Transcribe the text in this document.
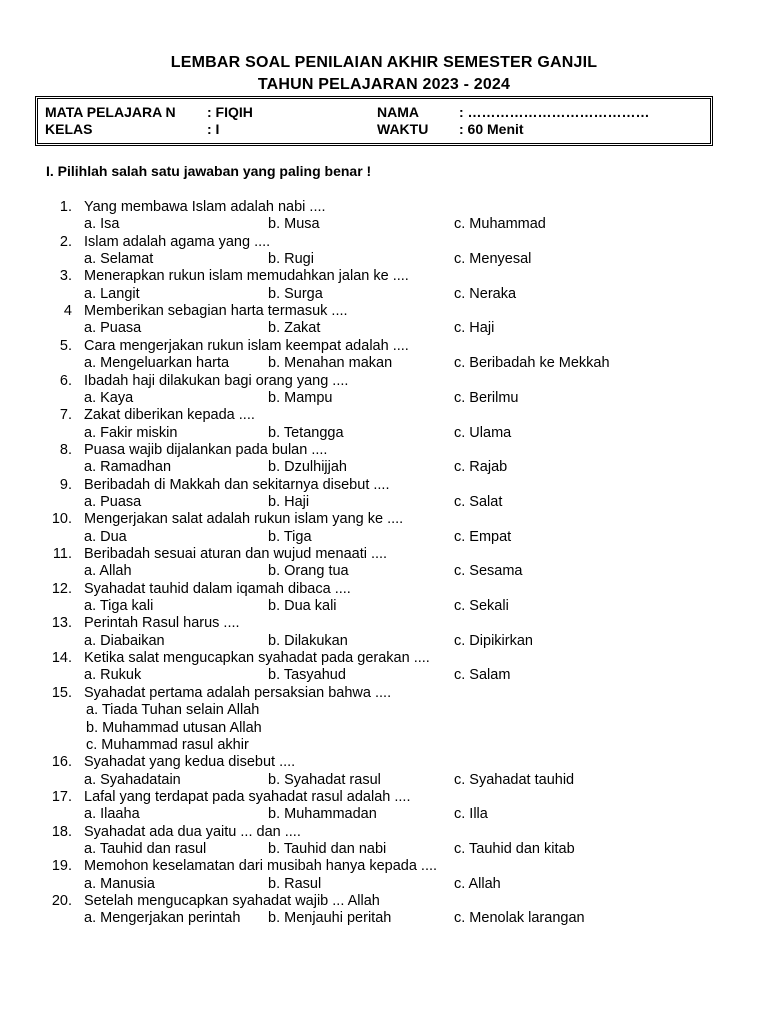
LEMBAR SOAL PENILAIAN AKHIR SEMESTER GANJIL
TAHUN PELAJARAN 2023 - 2024
MATA PELAJARA N : FIQIH	NAMA	: …………………………………
KELAS	: I	WAKTU : 60 Menit
I. Pilihlah salah satu jawaban yang paling benar !
1. Yang membawa Islam adalah nabi ....
a. Isa	b. Musa	c. Muhammad
2. Islam adalah agama yang ....
a. Selamat	b. Rugi	c. Menyesal
3. Menerapkan rukun islam memudahkan jalan ke ....
a. Langit	b. Surga	c. Neraka
4 Memberikan sebagian harta termasuk ....
a. Puasa	b. Zakat	c. Haji
5. Cara mengerjakan rukun islam keempat adalah ....
a. Mengeluarkan harta	b. Menahan makan	c. Beribadah ke Mekkah
6. Ibadah haji dilakukan bagi orang yang ....
a. Kaya	b. Mampu	c. Berilmu
7. Zakat diberikan kepada ....
a. Fakir miskin	b. Tetangga	c. Ulama
8. Puasa wajib dijalankan pada bulan ....
a. Ramadhan	b. Dzulhijjah	c. Rajab
9. Beribadah di Makkah dan sekitarnya disebut ....
a. Puasa	b. Haji	c. Salat
10. Mengerjakan salat adalah rukun islam yang ke ....
a. Dua	b. Tiga	c. Empat
11. Beribadah sesuai aturan dan wujud menaati ....
a. Allah	b. Orang tua	c. Sesama
12. Syahadat tauhid dalam iqamah dibaca ....
a. Tiga kali	b. Dua kali	c. Sekali
13. Perintah Rasul harus ....
a. Diabaikan	b. Dilakukan	c. Dipikirkan
14. Ketika salat mengucapkan syahadat pada gerakan ....
a. Rukuk	b. Tasyahud	c. Salam
15. Syahadat pertama adalah persaksian bahwa ....
a. Tiada Tuhan selain Allah
b. Muhammad utusan Allah
c. Muhammad rasul akhir
16. Syahadat yang kedua disebut ....
a. Syahadatain	b. Syahadat rasul	c. Syahadat tauhid
17. Lafal yang terdapat pada syahadat rasul adalah ....
a. Ilaaha	b. Muhammadan	c. Illa
18. Syahadat ada dua yaitu ... dan ....
a. Tauhid dan rasul	b. Tauhid dan nabi	c. Tauhid dan kitab
19. Memohon keselamatan dari musibah hanya kepada ....
a. Manusia	b. Rasul	c. Allah
20. Setelah mengucapkan syahadat wajib ... Allah
a. Mengerjakan perintah b. Menjauhi peritah	c. Menolak larangan
